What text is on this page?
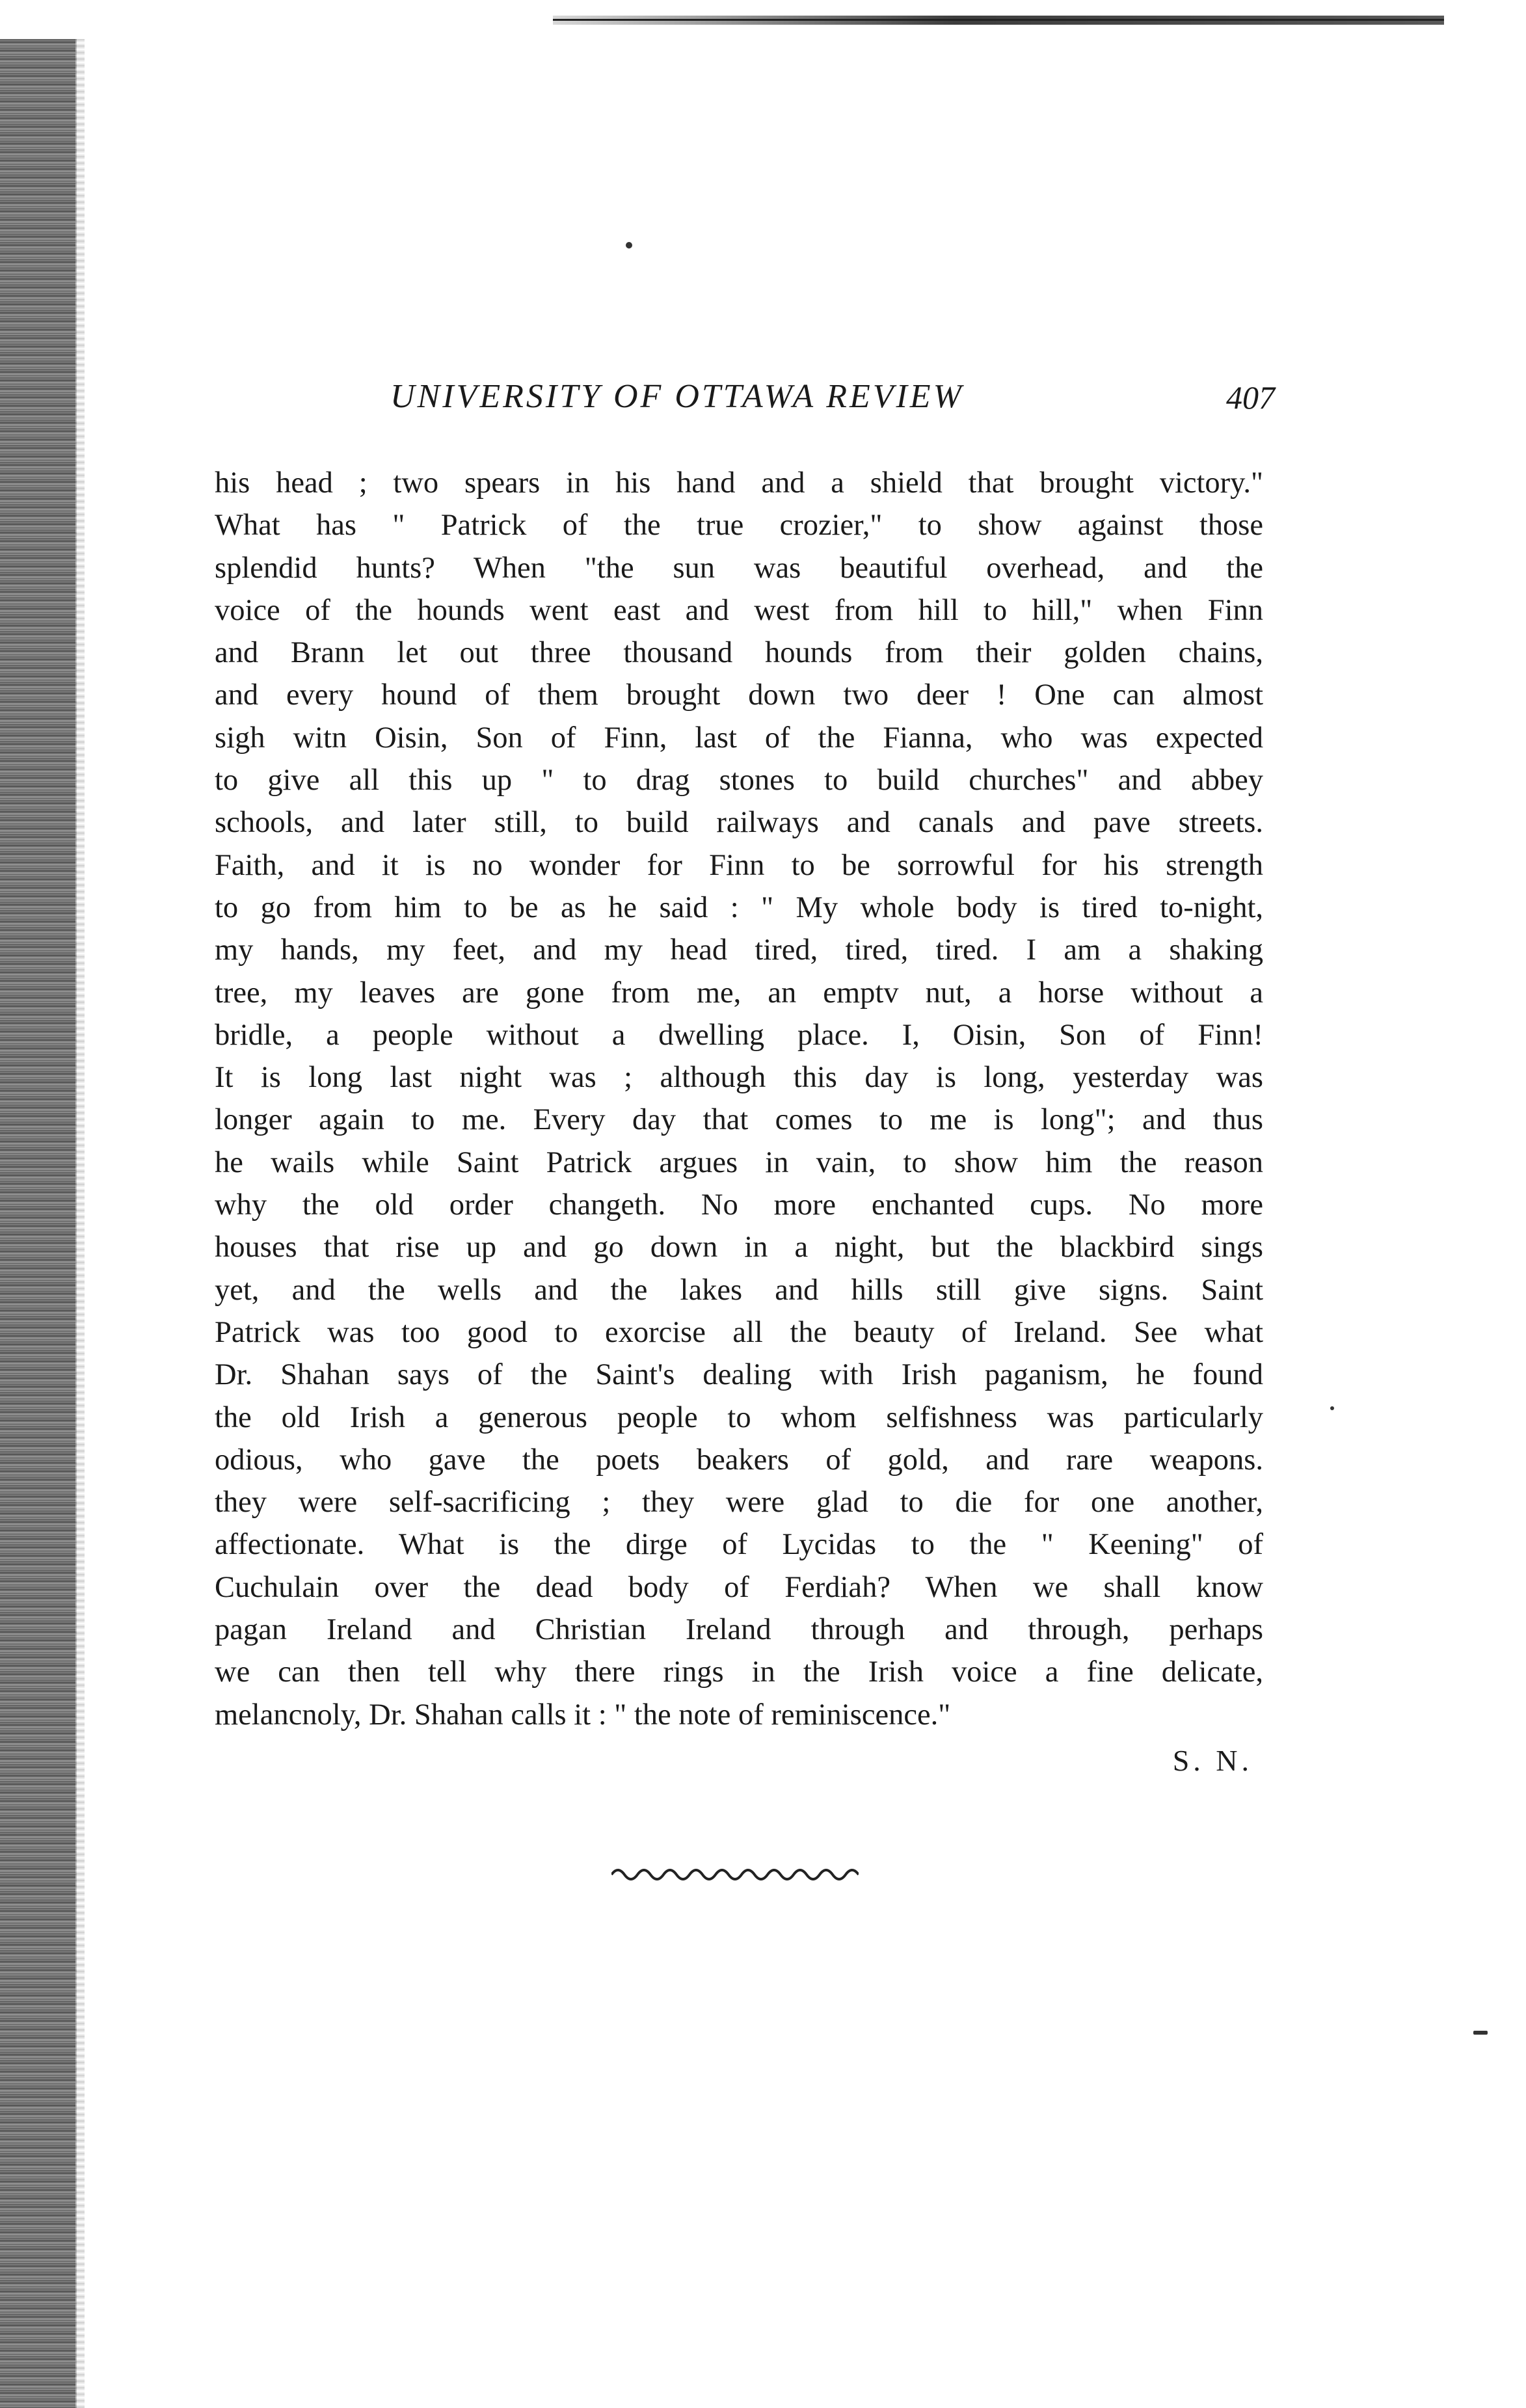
UNIVERSITY OF OTTAWA REVIEW	407
his head ; two spears in his hand and a shield that brought victory."
What has " Patrick of the true crozier," to show against those
splendid hunts? When "the sun was beautiful overhead, and the
voice of the hounds went east and west from hill to hill," when Finn
and Brann let out three thousand hounds from their golden chains,
and every hound of them brought down two deer ! One can almost
sigh witn Oisin, Son of Finn, last of the Fianna, who was expected
to give all this up " to drag stones to build churches" and abbey
schools, and later still, to build railways and canals and pave streets.
Faith, and it is no wonder for Finn to be sorrowful for his strength
to go from him to be as he said : " My whole body is tired to-night,
my hands, my feet, and my head tired, tired, tired. I am a shaking
tree, my leaves are gone from me, an emptv nut, a horse without a
bridle, a people without a dwelling place. I, Oisin, Son of Finn!
It is long last night was ; although this day is long, yesterday was
longer again to me. Every day that comes to me is long"; and thus
he wails while Saint Patrick argues in vain, to show him the reason
why the old order changeth. No more enchanted cups. No more
houses that rise up and go down in a night, but the blackbird sings
yet, and the wells and the lakes and hills still give signs. Saint
Patrick was too good to exorcise all the beauty of Ireland. See what
Dr. Shahan says of the Saint's dealing with Irish paganism, he found
the old Irish a generous people to whom selfishness was particularly
odious, who gave the poets beakers of gold, and rare weapons.
they were self-sacrificing ; they were glad to die for one another,
affectionate. What is the dirge of Lycidas to the " Keening" of
Cuchulain over the dead body of Ferdiah? When we shall know
pagan Ireland and Christian Ireland through and through, perhaps
we can then tell why there rings in the Irish voice a fine delicate,
melancnoly, Dr. Shahan calls it : " the note of reminiscence."
S. N.
